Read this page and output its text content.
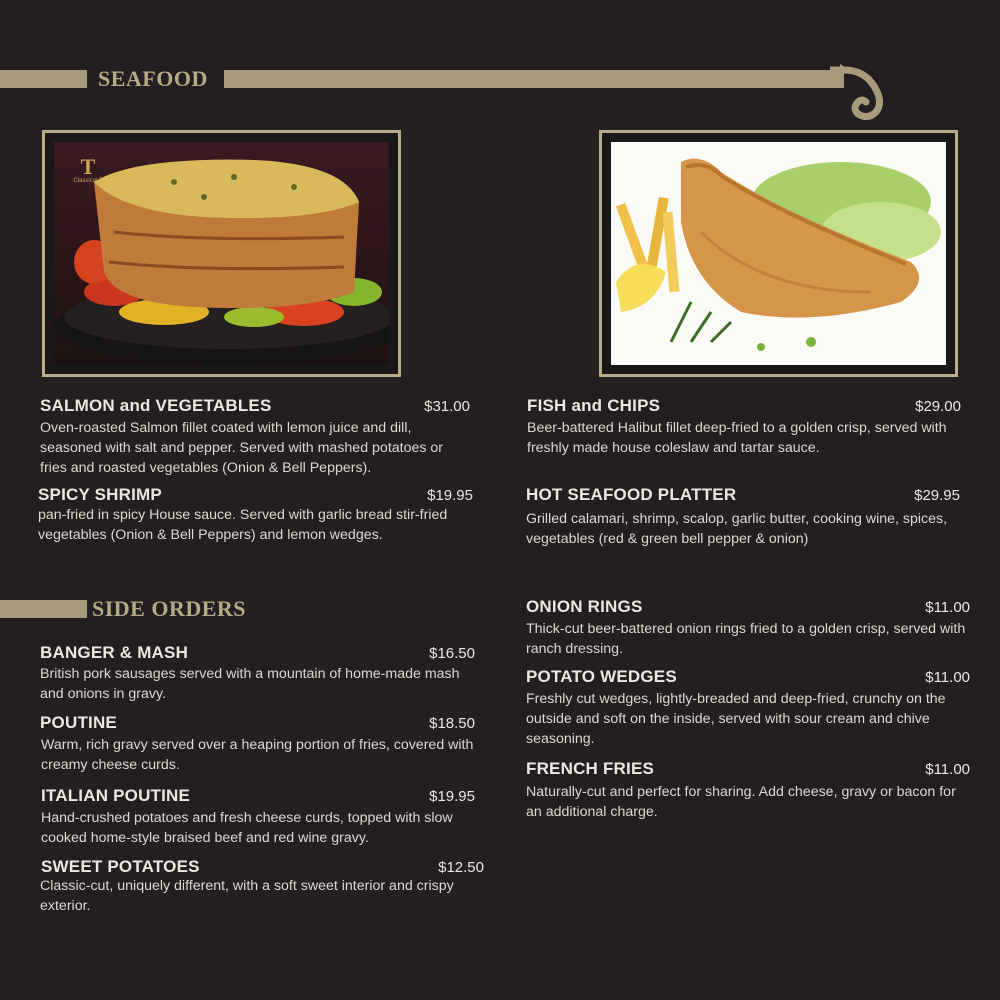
SEAFOOD
T
Classical T
SALMON and VEGETABLES	$31.00
Oven-roasted Salmon fillet coated with lemon juice and dill, seasoned with salt and pepper. Served with mashed potatoes or fries and roasted vegetables (Onion & Bell Peppers).
SPICY SHRIMP	$19.95
pan-fried in spicy House sauce. Served with garlic bread stir-fried vegetables (Onion & Bell Peppers) and lemon wedges.
FISH and CHIPS	$29.00
Beer-battered Halibut fillet deep-fried to a golden crisp, served with freshly made house coleslaw and tartar sauce.
HOT SEAFOOD PLATTER	$29.95
Grilled calamari, shrimp, scalop, garlic butter, cooking wine, spices, vegetables (red & green bell pepper & onion)
SIDE ORDERS
BANGER & MASH	$16.50
British pork sausages served with a mountain of home-made mash and onions in gravy.
POUTINE	$18.50
Warm, rich gravy served over a heaping portion of fries, covered with creamy cheese curds.
ITALIAN POUTINE	$19.95
Hand-crushed potatoes and fresh cheese curds, topped with slow cooked home-style braised beef and red wine gravy.
SWEET POTATOES	$12.50
Classic-cut, uniquely different, with a soft sweet interior and crispy exterior.
ONION RINGS	$11.00
Thick-cut beer-battered onion rings fried to a golden crisp, served with ranch dressing.
POTATO WEDGES	$11.00
Freshly cut wedges, lightly-breaded and deep-fried, crunchy on the outside and soft on the inside, served with sour cream and chive seasoning.
FRENCH FRIES	$11.00
Naturally-cut and perfect for sharing. Add cheese, gravy or bacon for an additional charge.
